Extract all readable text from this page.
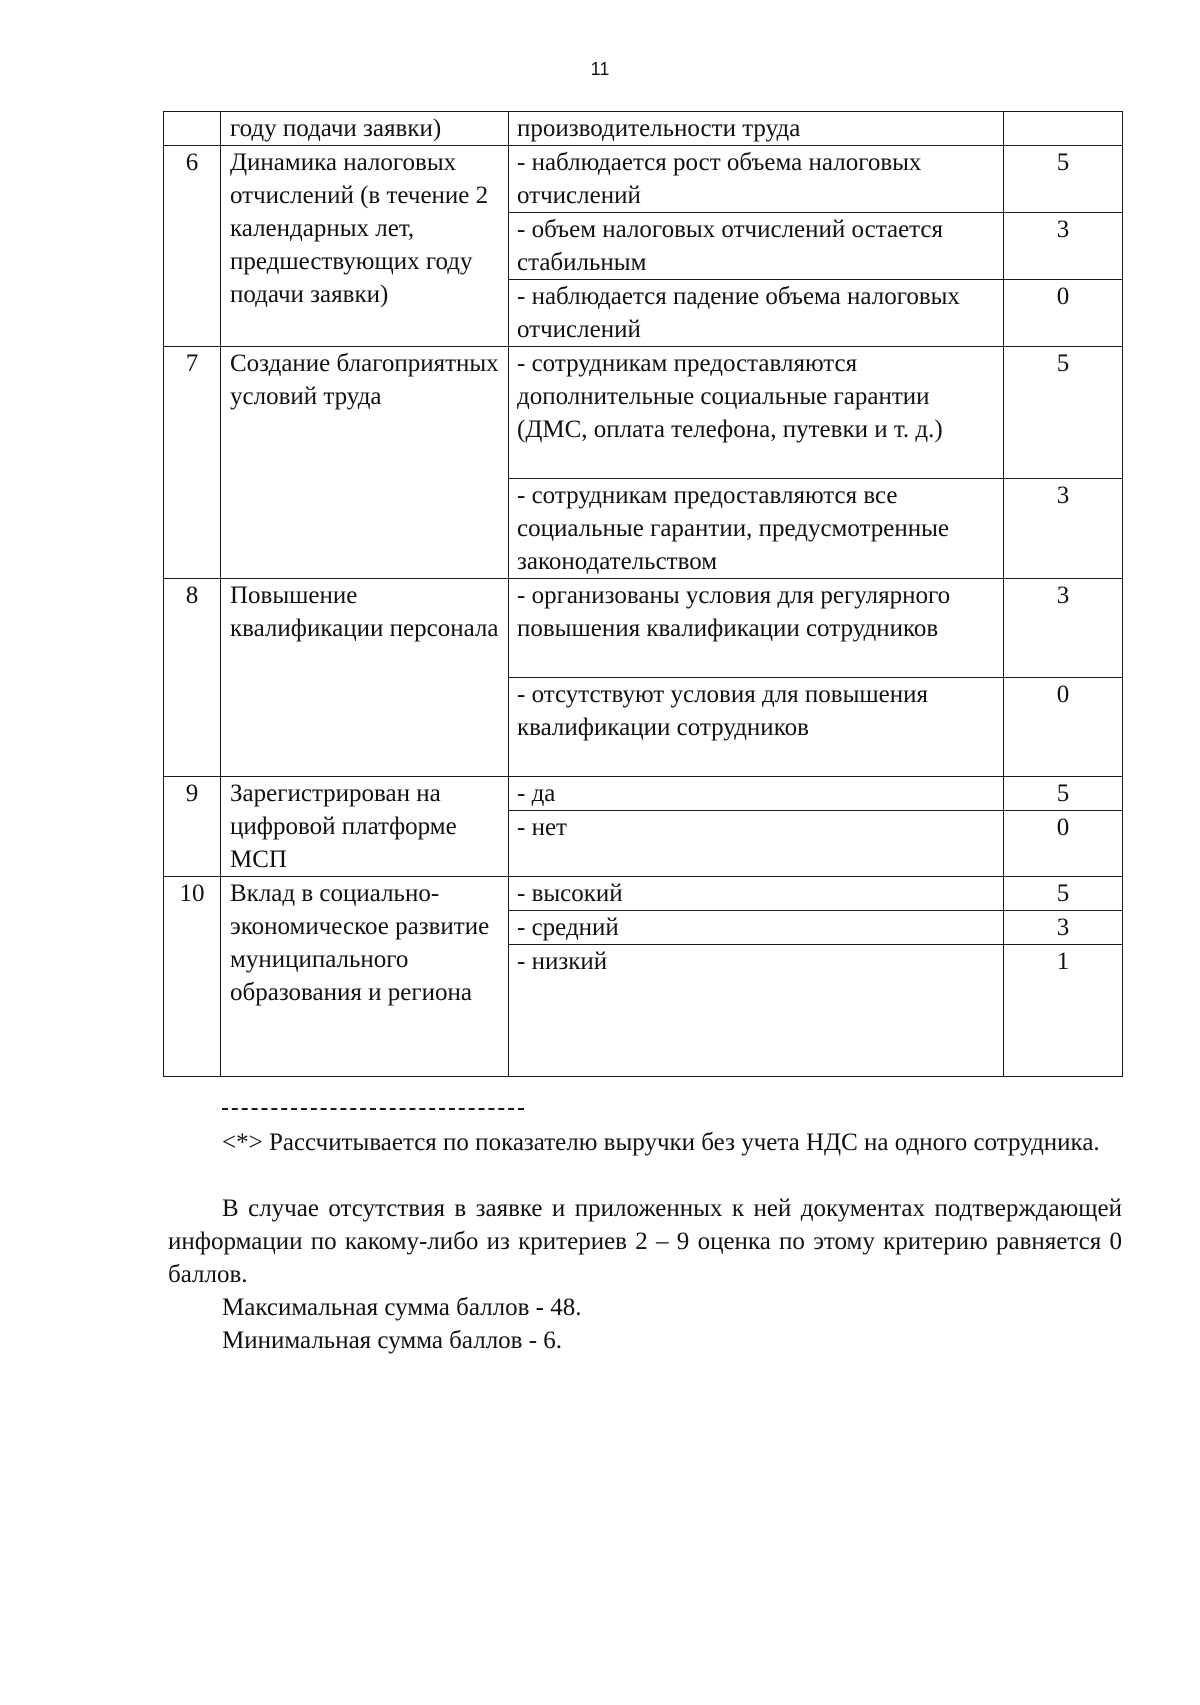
11
	году подачи заявки)	производительности труда	
6	Динамика налоговых отчислений (в течение 2 календарных лет, предшествующих году подачи заявки)	- наблюдается рост объема налоговых отчислений	5
		- объем налоговых отчислений остается стабильным	3
		- наблюдается падение объема налоговых отчислений	0
7	Создание благоприятных условий труда	- сотрудникам предоставляются дополнительные социальные гарантии (ДМС, оплата телефона, путевки и т. д.)	5
		- сотрудникам предоставляются все социальные гарантии, предусмотренные законодательством	3
8	Повышение квалификации персонала	- организованы условия для регулярного повышения квалификации сотрудников	3
		- отсутствуют условия для повышения квалификации сотрудников	0
9	Зарегистрирован на цифровой платформе МСП	- да	5
		- нет	0
10	Вклад в социально-экономическое развитие муниципального образования и региона	- высокий	5
		- средний	3
		- низкий	1

<*> Рассчитывается по показателю выручки без учета НДС на одного сотрудника.

В случае отсутствия в заявке и приложенных к ней документах подтверждающей информации по какому-либо из критериев 2 – 9 оценка по этому критерию равняется 0 баллов.

Максимальная сумма баллов - 48.

Минимальная сумма баллов - 6.
